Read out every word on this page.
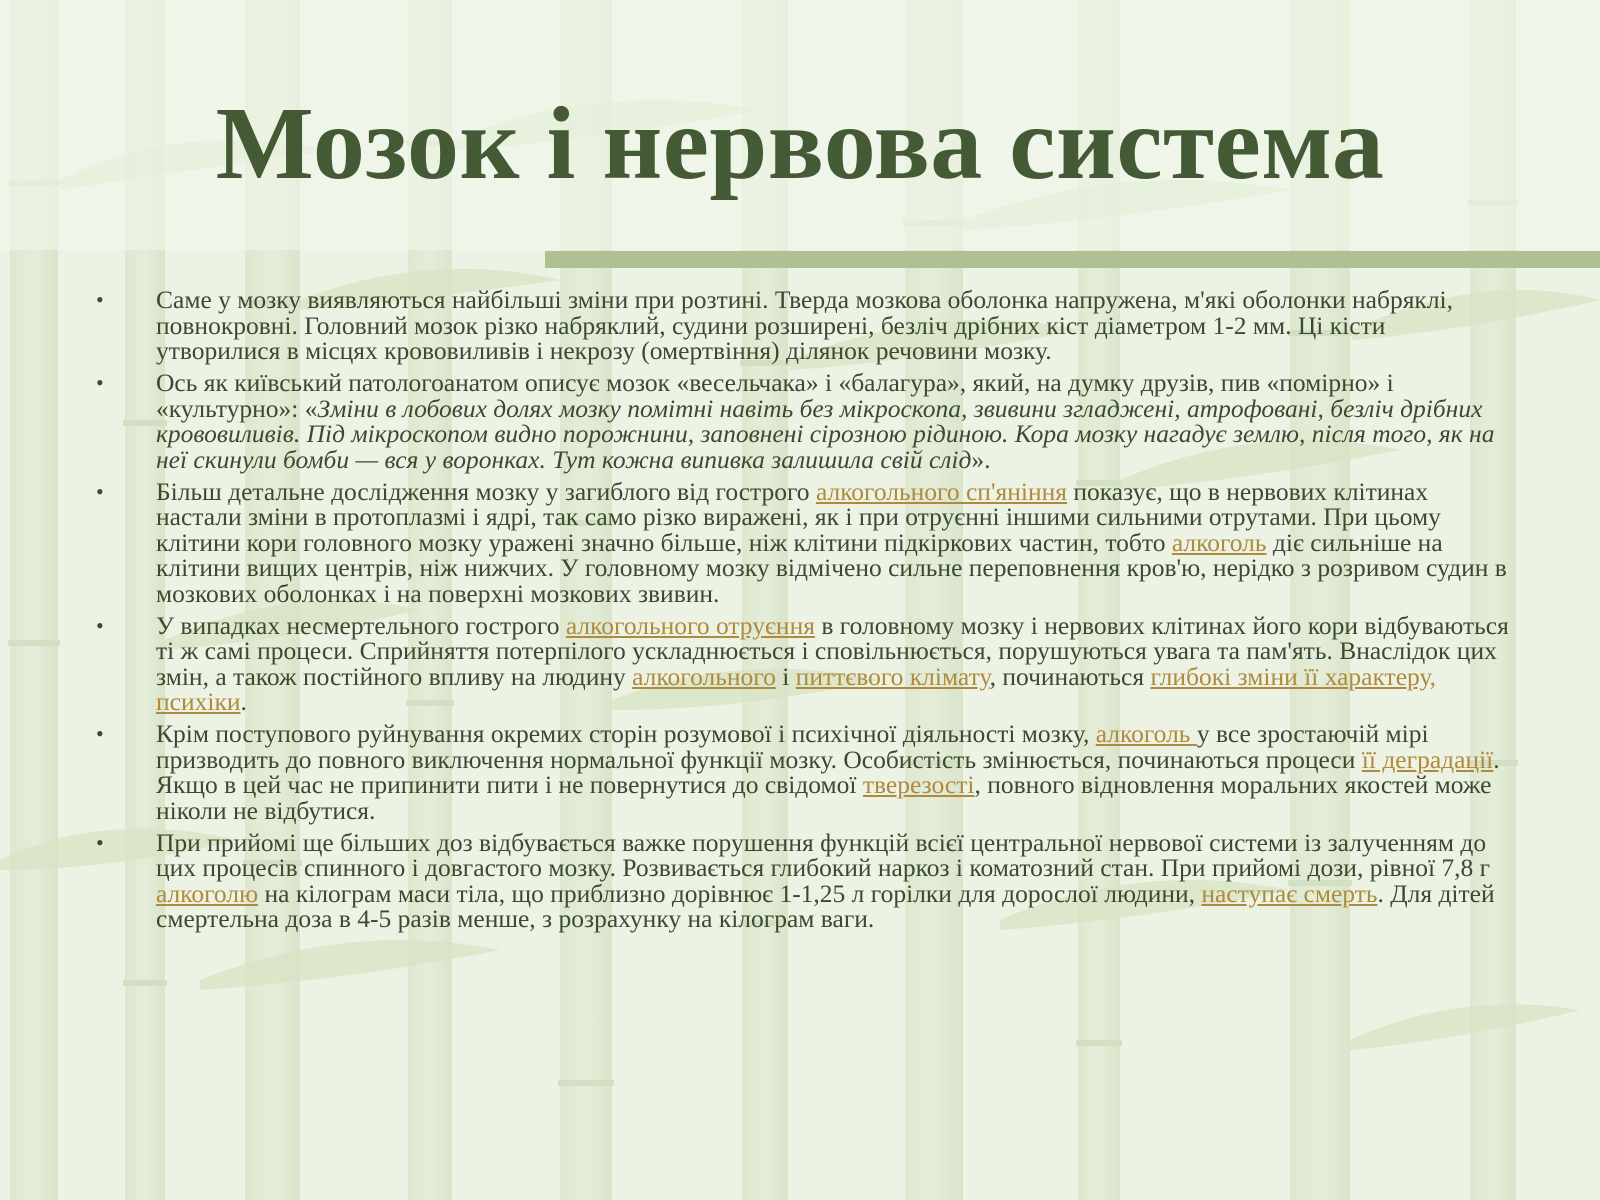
Мозок і нервова система
•	Саме у мозку виявляються найбільші зміни при розтині. Тверда мозкова оболонка напружена, м'які оболонки набряклі, повнокровні. Головний мозок різко набряклий, судини розширені, безліч дрібних кіст діаметром 1-2 мм. Ці кісти утворилися в місцях крововиливів і некрозу (омертвіння) ділянок речовини мозку.
•	Ось як київський патологоанатом описує мозок «весельчака» і «балагура», який, на думку друзів, пив «помірно» і «культурно»: «Зміни в лобових долях мозку помітні навіть без мікроскопа, звивини згладжені, атрофовані, безліч дрібних крововиливів. Під мікроскопом видно порожнини, заповнені сірозною рідиною. Кора мозку нагадує землю, після того, як на неї скинули бомби — вся у воронках. Тут кожна випивка залишила свій слід».
•	Більш детальне дослідження мозку у загиблого від гострого алкогольного сп'яніння показує, що в нервових клітинах настали зміни в протоплазмі і ядрі, так само різко виражені, як і при отруєнні іншими сильними отрутами. При цьому клітини кори головного мозку уражені значно більше, ніж клітини підкіркових частин, тобто алкоголь діє сильніше на клітини вищих центрів, ніж нижчих. У головному мозку відмічено сильне переповнення кров'ю, нерідко з розривом судин в мозкових оболонках і на поверхні мозкових звивин.
•	У випадках несмертельного гострого алкогольного отруєння в головному мозку і нервових клітинах його кори відбуваються ті ж самі процеси. Сприйняття потерпілого ускладнюється і сповільнюється, порушуються увага та пам'ять. Внаслідок цих змін, а також постійного впливу на людину алкогольного і питтєвого клімату, починаються глибокі зміни її характеру, психіки.
•	Крім поступового руйнування окремих сторін розумової і психічної діяльності мозку, алкоголь у все зростаючій мірі призводить до повного виключення нормальної функції мозку. Особистість змінюється, починаються процеси її деградації. Якщо в цей час не припинити пити і не повернутися до свідомої тверезості, повного відновлення моральних якостей може ніколи не відбутися.
•	При прийомі ще більших доз відбувається важке порушення функцій всієї центральної нервової системи із залученням до цих процесів спинного і довгастого мозку. Розвивається глибокий наркоз і коматозний стан. При прийомі дози, рівної 7,8 г алкоголю на кілограм маси тіла, що приблизно дорівнює 1-1,25 л горілки для дорослої людини, наступає смерть. Для дітей смертельна доза в 4-5 разів менше, з розрахунку на кілограм ваги.
